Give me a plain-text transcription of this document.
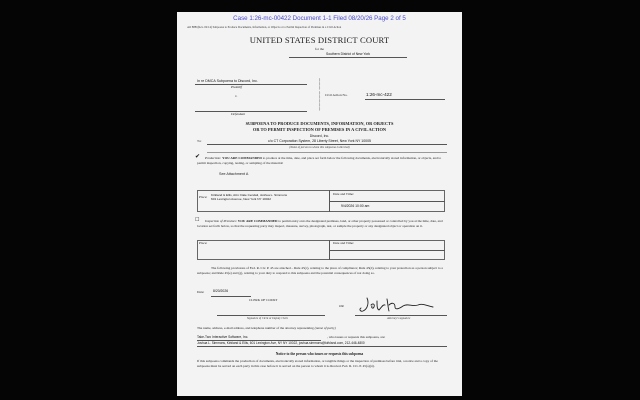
Case 1:26-mc-00422 Document 1-1 Filed 08/20/26 Page 2 of 5
AO 88B (Rev. 02/14) Subpoena to Produce Documents, Information, or Objects or to Permit Inspection of Premises in a Civil Action
UNITED STATES DISTRICT COURT
for the
Southern District of New York
In re DMCA Subpoena to Discord, Inc.
Plaintiff
v.
Defendant
)
)
)
)
)
)
)
)
Civil Action No.	1:26-mc-422
SUBPOENA TO PRODUCE DOCUMENTS, INFORMATION, OR OBJECTS
OR TO PERMIT INSPECTION OF PREMISES IN A CIVIL ACTION
Discord, Inc.
To:	c/o CT Corporation System, 28 Liberty Street, New York NY 10005
(Name of person to whom this subpoena is directed)
✔	Production: YOU ARE COMMANDED to produce at the time, date, and place set forth below the following documents, electronically stored information, or objects, and to permit inspection, copying, testing, or sampling of the material:
See Attachment A
Place:
Kirkland & Ellis, Attn: Dale Cendali, Joshua L. Simmons
601 Lexington Avenue, New York NY 10022
Date and Time:
9/4/2026 10:00 am
☐	Inspection of Premises: YOU ARE COMMANDED to permit entry onto the designated premises, land, or other property possessed or controlled by you at the time, date, and location set forth below, so that the requesting party may inspect, measure, survey, photograph, test, or sample the property or any designated object or operation on it.
Place:	Date and Time:
The following provisions of Fed. R. Civ. P. 45 are attached – Rule 45(c), relating to the place of compliance; Rule 45(d), relating to your protection as a person subject to a subpoena; and Rule 45(e) and (g), relating to your duty to respond to this subpoena and the potential consequences of not doing so.
Date:	8/20/2026
CLERK OF COURT
Signature of Clerk or Deputy Clerk
OR
Attorney's signature
The name, address, e-mail address, and telephone number of the attorney representing (name of party)
Take-Two Interactive Software, Inc.	, who issues or requests this subpoena, are:
Joshua L. Simmons, Kirkland & Ellis, 601 Lexington Ave, NY NY 10022, joshua.simmons@kirkland.com, 212-446-4800
Notice to the person who issues or requests this subpoena
If this subpoena commands the production of documents, electronically stored information, or tangible things or the inspection of premises before trial, a notice and a copy of the subpoena must be served on each party in this case before it is served on the person to whom it is directed. Fed. R. Civ. P. 45(a)(4).
